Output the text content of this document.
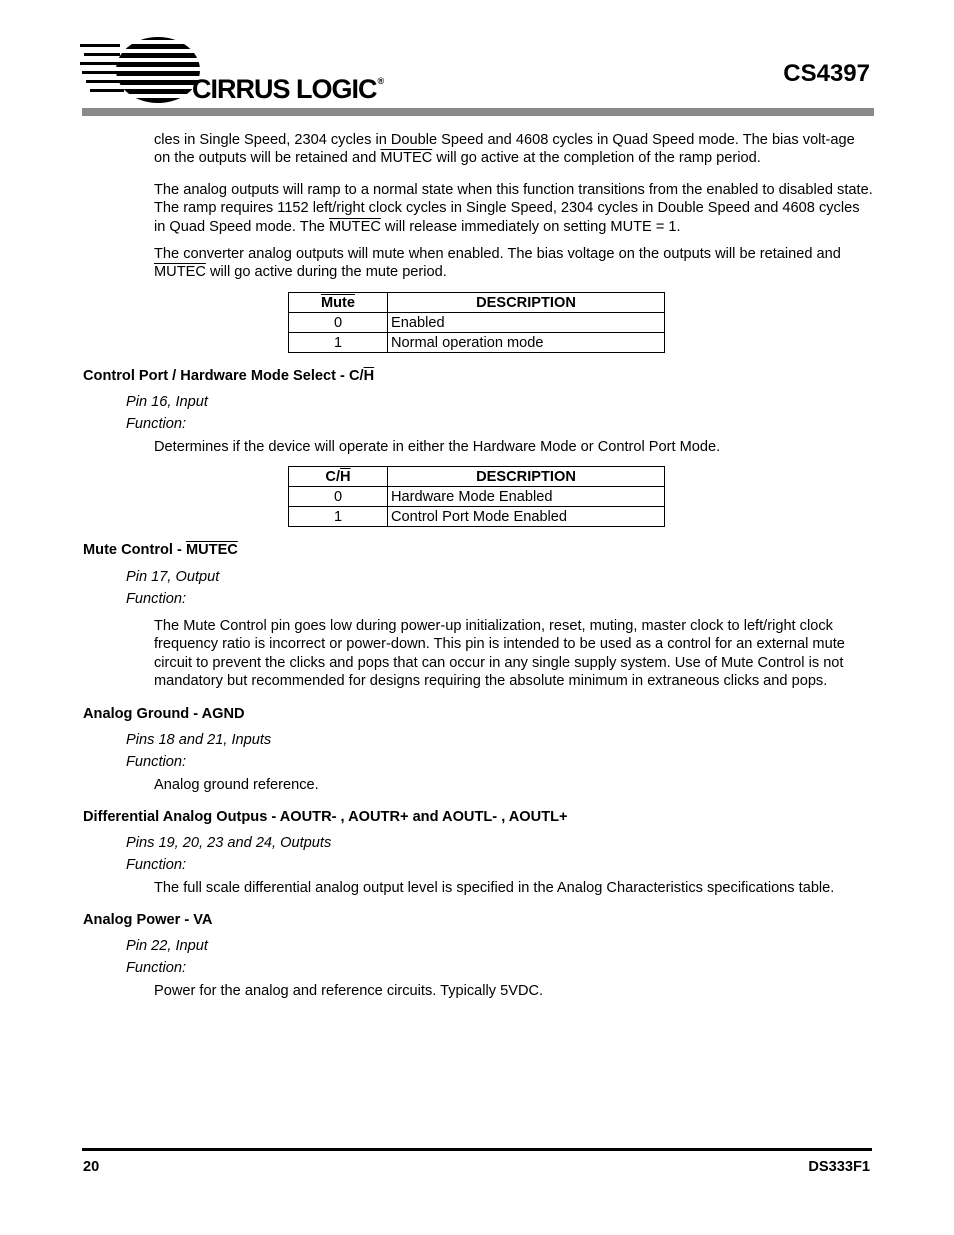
CIRRUS LOGIC®	CS4397

cles in Single Speed, 2304 cycles in Double Speed and 4608 cycles in Quad Speed mode. The bias volt-age on the outputs will be retained and MUTEC will go active at the completion of the ramp period.

The analog outputs will ramp to a normal state when this function transitions from the enabled to disabled state. The ramp requires 1152 left/right clock cycles in Single Speed, 2304 cycles in Double Speed and 4608 cycles in Quad Speed mode. The MUTEC will release immediately on setting MUTE = 1.

The converter analog outputs will mute when enabled. The bias voltage on the outputs will be retained and MUTEC will go active during the mute period.

Mute	DESCRIPTION
0	Enabled
1	Normal operation mode

Control Port / Hardware Mode Select - $C/\overline{H}$

Pin 16, Input

Function:

Determines if the device will operate in either the Hardware Mode or Control Port Mode.

$C/\overline{H}$	DESCRIPTION
0	Hardware Mode Enabled
1	Control Port Mode Enabled

Mute Control - MUTEC

Pin 17, Output

Function:

The Mute Control pin goes low during power-up initialization, reset, muting, master clock to left/right clock frequency ratio is incorrect or power-down. This pin is intended to be used as a control for an external mute circuit to prevent the clicks and pops that can occur in any single supply system. Use of Mute Control is not mandatory but recommended for designs requiring the absolute minimum in extraneous clicks and pops.

Analog Ground - AGND

Pins 18 and 21, Inputs

Function:

Analog ground reference.

Differential Analog Outpus - AOUTR- , AOUTR+ and AOUTL- , AOUTL+

Pins 19, 20, 23 and 24, Outputs

Function:

The full scale differential analog output level is specified in the Analog Characteristics specifications table.

Analog Power - VA

Pin 22, Input

Function:

Power for the analog and reference circuits. Typically 5VDC.

20	DS333F1
